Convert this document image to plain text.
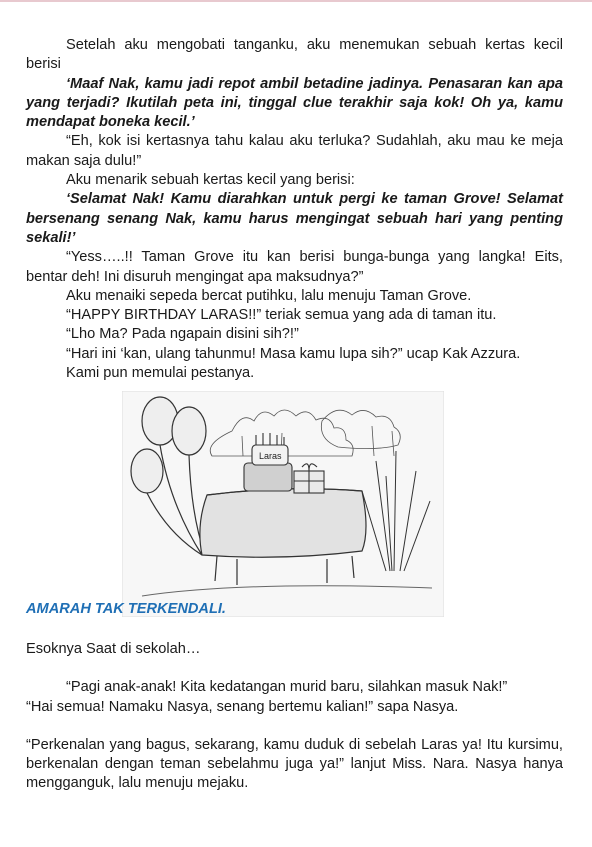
Setelah aku mengobati tanganku, aku menemukan sebuah kertas kecil berisi

‘Maaf Nak, kamu jadi repot ambil betadine jadinya. Penasaran kan apa yang terjadi? Ikutilah peta ini, tinggal clue terakhir saja kok! Oh ya, kamu mendapat boneka kecil.’

“Eh, kok isi kertasnya tahu kalau aku terluka? Sudahlah, aku mau ke meja makan saja dulu!”

Aku menarik sebuah kertas kecil yang berisi:

‘Selamat Nak! Kamu diarahkan untuk pergi ke taman Grove! Selamat bersenang senang Nak, kamu harus mengingat sebuah hari yang penting sekali!’

“Yess…..!! Taman Grove itu kan berisi bunga-bunga yang langka! Eits, bentar deh! Ini disuruh mengingat apa maksudnya?”

Aku menaiki sepeda bercat putihku, lalu menuju Taman Grove.

“HAPPY BIRTHDAY LARAS!!” teriak semua yang ada di taman itu.

“Lho Ma? Pada ngapain disini sih?!”

“Hari ini ‘kan, ulang tahunmu! Masa kamu lupa sih?” ucap Kak Azzura.

Kami pun memulai pestanya.

Laras

AMARAH TAK TERKENDALI.

Esoknya Saat di sekolah…

“Pagi anak-anak! Kita kedatangan murid baru, silahkan masuk Nak!”

“Hai semua! Namaku Nasya, senang bertemu kalian!” sapa Nasya.

“Perkenalan yang bagus, sekarang, kamu duduk di sebelah Laras ya! Itu kursimu, berkenalan dengan teman sebelahmu juga ya!” lanjut Miss. Nara. Nasya hanya mengganguk, lalu menuju mejaku.
